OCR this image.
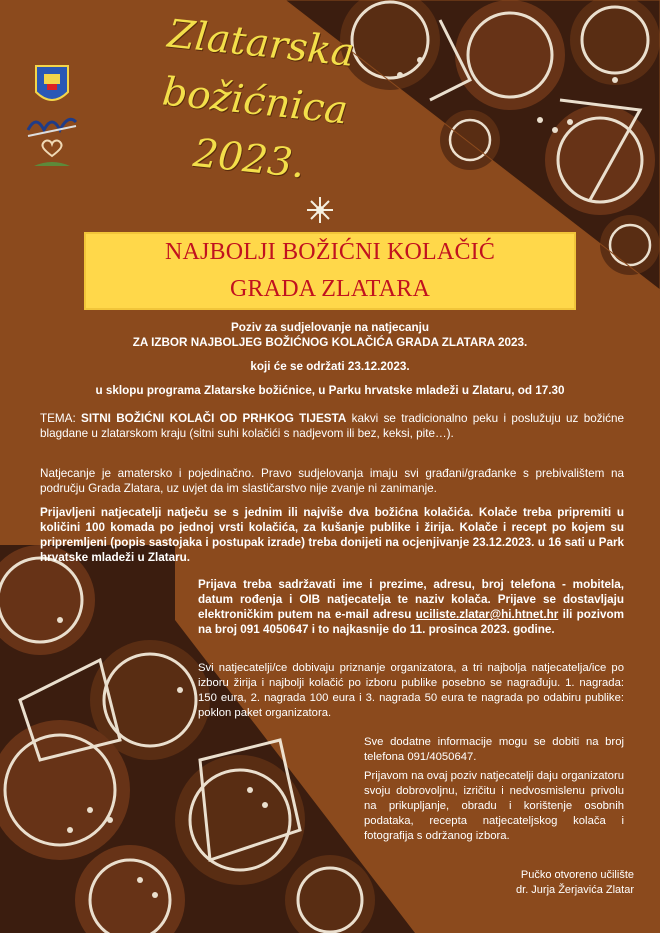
Zlatarska
božićnica
2023.
NAJBOLJI BOŽIĆNI KOLAČIĆ
GRADA ZLATARA
Poziv za sudjelovanje na natjecanju
ZA IZBOR NAJBOLJEG BOŽIĆNOG KOLAČIĆA GRADA ZLATARA 2023.
koji će se održati 23.12.2023.
u sklopu programa Zlatarske božićnice, u Parku hrvatske mladeži u Zlataru, od 17.30
TEMA: SITNI BOŽIĆNI KOLAČI OD PRHKOG TIJESTA kakvi se tradicionalno peku i poslužuju uz božićne blagdane u zlatarskom kraju (sitni suhi kolačići s nadjevom ili bez, keksi, pite…).
Natjecanje je amatersko i pojedinačno. Pravo sudjelovanja imaju svi građani/građanke s prebivalištem na području Grada Zlatara, uz uvjet da im slastičarstvo nije zvanje ni zanimanje.
Prijavljeni natjecatelji natječu se s jednim ili najviše dva božićna kolačića. Kolače treba pripremiti u količini 100 komada po jednoj vrsti kolačića, za kušanje publike i žirija. Kolače i recept po kojem su pripremljeni (popis sastojaka i postupak izrade) treba donijeti na ocjenjivanje 23.12.2023. u 16 sati u Park hrvatske mladeži u Zlataru.
Prijava treba sadržavati ime i prezime, adresu, broj telefona - mobitela, datum rođenja i OIB natjecatelja te naziv kolača. Prijave se dostavljaju elektroničkim putem na e-mail adresu uciliste.zlatar@hi.htnet.hr ili pozivom na broj 091 4050647 i to najkasnije do 11. prosinca 2023. godine.
Svi natjecatelji/ce dobivaju priznanje organizatora, a tri najbolja natjecatelja/ice po izboru žirija i najbolji kolačić po izboru publike posebno se nagrađuju. 1. nagrada: 150 eura, 2. nagrada 100 eura i 3. nagrada 50 eura te nagrada po odabiru publike: poklon paket organizatora.
Sve dodatne informacije mogu se dobiti na broj telefona 091/4050647.
Prijavom na ovaj poziv natjecatelji daju organizatoru svoju dobrovoljnu, izričitu i nedvosmislenu privolu na prikupljanje, obradu i korištenje osobnih podataka, recepta natjecateljskog kolača i fotografija s održanog izbora.
Pučko otvoreno učilište
dr. Jurja Žerjavića Zlatar
